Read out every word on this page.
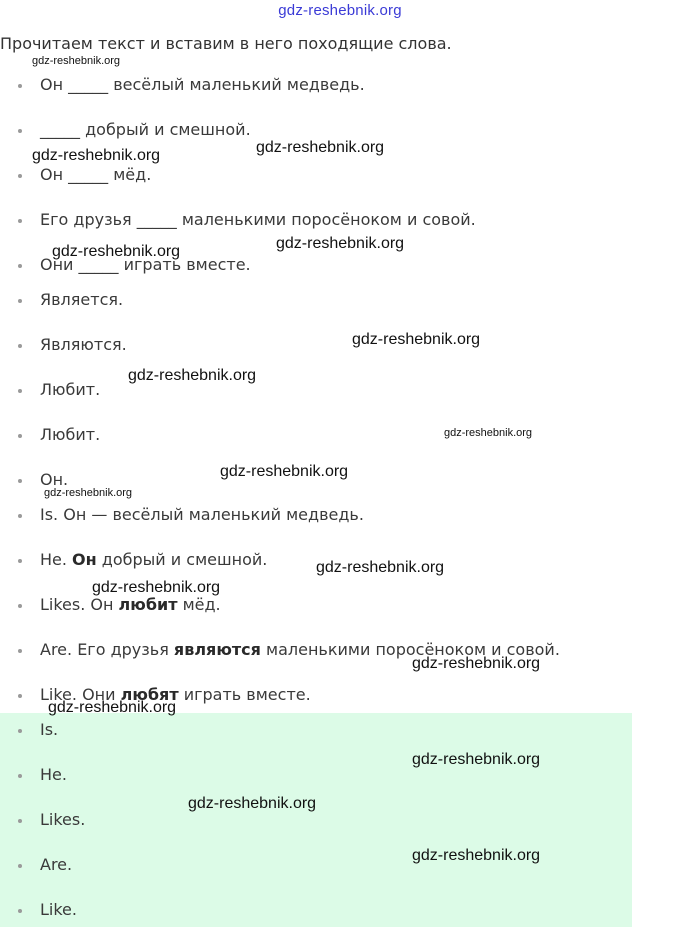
gdz-reshebnik.org
Прочитаем текст и вставим в него походящие слова.
Он _____ весёлый маленький медведь.
_____ добрый и смешной.
Он _____ мёд.
Его друзья _____ маленькими поросёноком и совой.
Они _____ играть вместе.
Является.
Являются.
Любит.
Любит.
Он.
Is. Он — весёлый маленький медведь.
He. Он добрый и смешной.
Likes. Он любит мёд.
Are. Его друзья являются маленькими поросёноком и совой.
Like. Они любят играть вместе.
Is.
He.
Likes.
Are.
Like.
gdz-reshebnik.org
gdz-reshebnik.org	gdz-reshebnik.org
gdz-reshebnik.org	gdz-reshebnik.org
gdz-reshebnik.org
gdz-reshebnik.org
gdz-reshebnik.org
gdz-reshebnik.org
gdz-reshebnik.org
gdz-reshebnik.org
gdz-reshebnik.org
gdz-reshebnik.org
gdz-reshebnik.org
gdz-reshebnik.org
gdz-reshebnik.org
gdz-reshebnik.org
